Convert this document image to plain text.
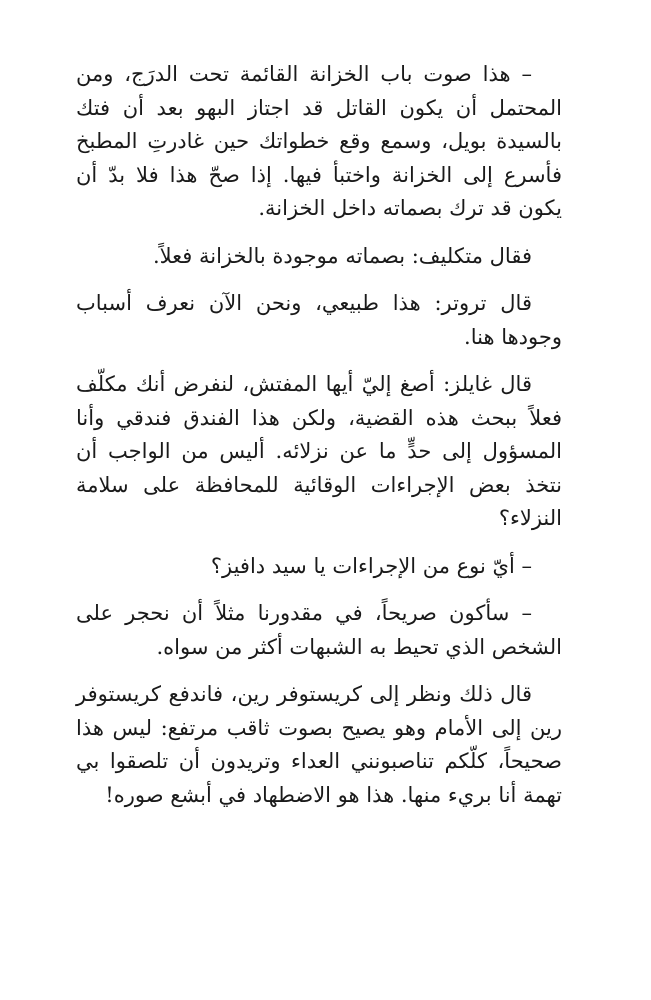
– هذا صوت باب الخزانة القائمة تحت الدرَج، ومن المحتمل أن يكون القاتل قد اجتاز البهو بعد أن فتك بالسيدة بويل، وسمع وقع خطواتك حين غادرتِ المطبخ فأسرع إلى الخزانة واختبأ فيها. إذا صحّ هذا فلا بدّ أن يكون قد ترك بصماته داخل الخزانة.

فقال متكليف: بصماته موجودة بالخزانة فعلاً.

قال تروتر: هذا طبيعي، ونحن الآن نعرف أسباب وجودها هنا.

قال غايلز: أصغ إليّ أيها المفتش، لنفرض أنك مكلّف فعلاً ببحث هذه القضية، ولكن هذا الفندق فندقي وأنا المسؤول إلى حدٍّ ما عن نزلائه. أليس من الواجب أن نتخذ بعض الإجراءات الوقائية للمحافظة على سلامة النزلاء؟

– أيّ نوع من الإجراءات يا سيد دافيز؟

– سأكون صريحاً، في مقدورنا مثلاً أن نحجر على الشخص الذي تحيط به الشبهات أكثر من سواه.

قال ذلك ونظر إلى كريستوفر رين، فاندفع كريستوفر رين إلى الأمام وهو يصيح بصوت ثاقب مرتفع: ليس هذا صحيحاً، كلّكم تناصبونني العداء وتريدون أن تلصقوا بي تهمة أنا بريء منها. هذا هو الاضطهاد في أبشع صوره!
